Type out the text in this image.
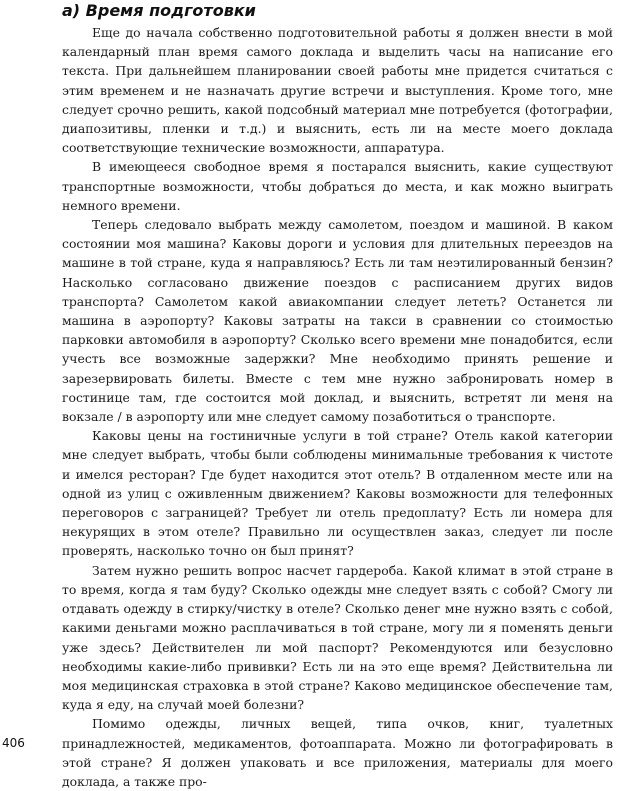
а) Время подготовки

Еще до начала собственно подготовительной работы я должен внести в мой календарный план время самого доклада и выделить часы на написание его текста. При дальнейшем планировании своей работы мне придется считаться с этим временем и не назначать другие встречи и выступления. Кроме того, мне следует срочно решить, какой подсобный материал мне потребуется (фотографии, диапозитивы, пленки и т.д.) и выяснить, есть ли на месте моего доклада соответствующие технические возможности, аппаратура.

В имеющееся свободное время я постарался выяснить, какие существуют транспортные возможности, чтобы добраться до места, и как можно выиграть немного времени.

Теперь следовало выбрать между самолетом, поездом и машиной. В каком состоянии моя машина? Каковы дороги и условия для длительных переездов на машине в той стране, куда я направляюсь? Есть ли там неэтилированный бензин? Насколько согласовано движение поездов с расписанием других видов транспорта? Самолетом какой авиакомпании следует лететь? Останется ли машина в аэропорту? Каковы затраты на такси в сравнении со стоимостью парковки автомобиля в аэропорту? Сколько всего времени мне понадобится, если учесть все возможные задержки? Мне необходимо принять решение и зарезервировать билеты. Вместе с тем мне нужно забронировать номер в гостинице там, где состоится мой доклад, и выяснить, встретят ли меня на вокзале / в аэропорту или мне следует самому позаботиться о транспорте.

Каковы цены на гостиничные услуги в той стране? Отель какой категории мне следует выбрать, чтобы были соблюдены минимальные требования к чистоте и имелся ресторан? Где будет находится этот отель? В отдаленном месте или на одной из улиц с оживленным движением? Каковы возможности для телефонных переговоров с заграницей? Требует ли отель предоплату? Есть ли номера для некурящих в этом отеле? Правильно ли осуществлен заказ, следует ли после проверять, насколько точно он был принят?

Затем нужно решить вопрос насчет гардероба. Какой климат в этой стране в то время, когда я там буду? Сколько одежды мне следует взять с собой? Смогу ли отдавать одежду в стирку/чистку в отеле? Сколько денег мне нужно взять с собой, какими деньгами можно расплачиваться в той стране, могу ли я поменять деньги уже здесь? Действителен ли мой паспорт? Рекомендуются или безусловно необходимы какие-либо прививки? Есть ли на это еще время? Действительна ли моя медицинская страховка в этой стране? Каково медицинское обеспечение там, куда я еду, на случай моей болезни?

Помимо одежды, личных вещей, типа очков, книг, туалетных принадлежностей, медикаментов, фотоаппарата. Можно ли фотографировать в этой стране? Я должен упаковать и все приложения, материалы для моего доклада, а также про-

406
